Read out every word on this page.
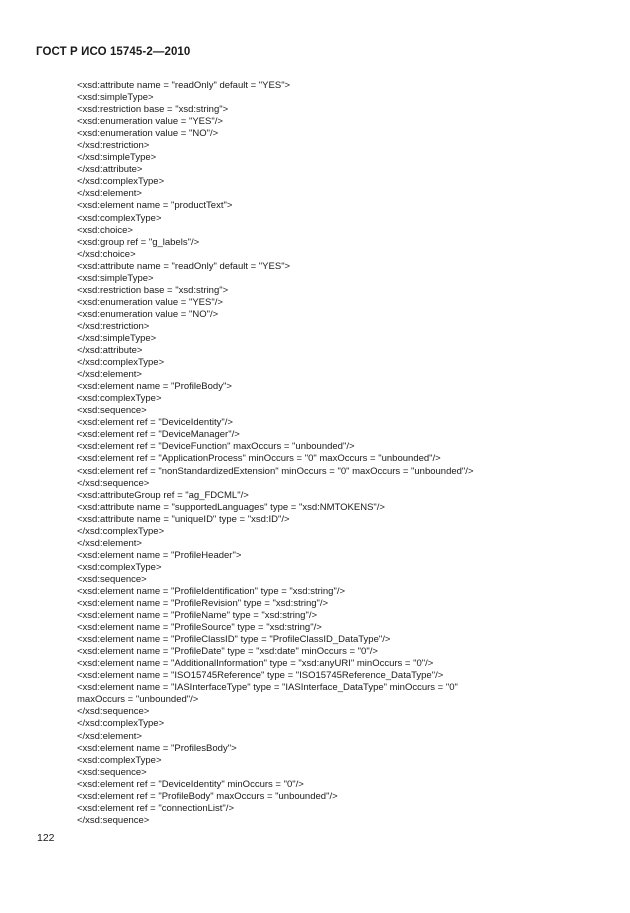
ГОСТ Р ИСО 15745-2—2010
<xsd:attribute name = "readOnly" default = "YES">
<xsd:simpleType>
<xsd:restriction base = "xsd:string">
<xsd:enumeration value = "YES"/>
<xsd:enumeration value = "NO"/>
</xsd:restriction>
</xsd:simpleType>
</xsd:attribute>
</xsd:complexType>
</xsd:element>
<xsd:element name = "productText">
<xsd:complexType>
<xsd:choice>
<xsd:group ref = "g_labels"/>
</xsd:choice>
<xsd:attribute name = "readOnly" default = "YES">
<xsd:simpleType>
<xsd:restriction base = "xsd:string">
<xsd:enumeration value = "YES"/>
<xsd:enumeration value = "NO"/>
</xsd:restriction>
</xsd:simpleType>
</xsd:attribute>
</xsd:complexType>
</xsd:element>
<xsd:element name = "ProfileBody">
<xsd:complexType>
<xsd:sequence>
<xsd:element ref = "DeviceIdentity"/>
<xsd:element ref = "DeviceManager"/>
<xsd:element ref = "DeviceFunction" maxOccurs = "unbounded"/>
<xsd:element ref = "ApplicationProcess" minOccurs = "0" maxOccurs = "unbounded"/>
<xsd:element ref = "nonStandardizedExtension" minOccurs = "0" maxOccurs = "unbounded"/>
</xsd:sequence>
<xsd:attributeGroup ref = "ag_FDCML"/>
<xsd:attribute name = "supportedLanguages" type = "xsd:NMTOKENS"/>
<xsd:attribute name = "uniqueID" type = "xsd:ID"/>
</xsd:complexType>
</xsd:element>
<xsd:element name = "ProfileHeader">
<xsd:complexType>
<xsd:sequence>
<xsd:element name = "ProfileIdentification" type = "xsd:string"/>
<xsd:element name = "ProfileRevision" type = "xsd:string"/>
<xsd:element name = "ProfileName" type = "xsd:string"/>
<xsd:element name = "ProfileSource" type = "xsd:string"/>
<xsd:element name = "ProfileClassID" type = "ProfileClassID_DataType"/>
<xsd:element name = "ProfileDate" type = "xsd:date" minOccurs = "0"/>
<xsd:element name = "AdditionalInformation" type = "xsd:anyURI" minOccurs = "0"/>
<xsd:element name = "ISO15745Reference" type = "ISO15745Reference_DataType"/>
<xsd:element name = "IASInterfaceType" type = "IASInterface_DataType" minOccurs = "0"
maxOccurs = "unbounded"/>
</xsd:sequence>
</xsd:complexType>
</xsd:element>
<xsd:element name = "ProfilesBody">
<xsd:complexType>
<xsd:sequence>
<xsd:element ref = "DeviceIdentity" minOccurs = "0"/>
<xsd:element ref = "ProfileBody" maxOccurs = "unbounded"/>
<xsd:element ref = "connectionList"/>
</xsd:sequence>
122
